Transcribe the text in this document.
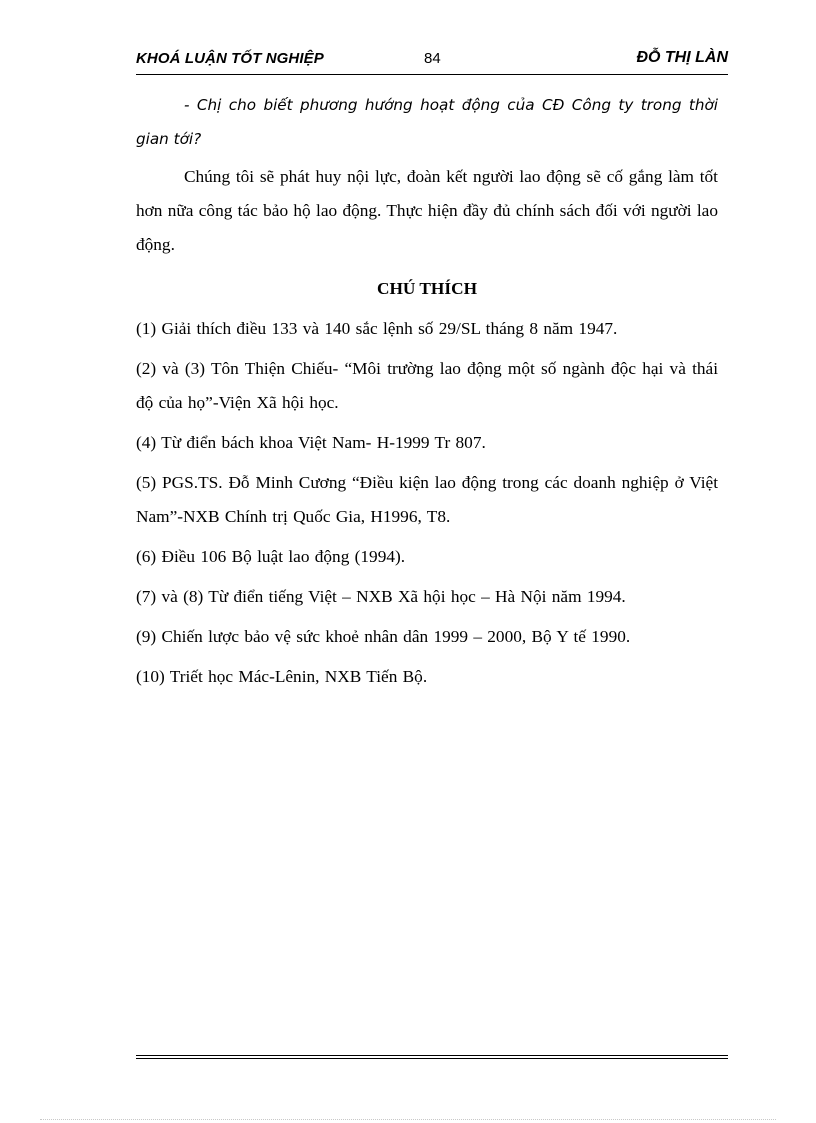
KHOÁ LUẬN TỐT NGHIỆP	84	ĐỖ THỊ LÀN

- Chị cho biết phương hướng hoạt động của CĐ Công ty trong thời gian tới?

Chúng tôi sẽ phát huy nội lực, đoàn kết người lao động sẽ cố gắng làm tốt hơn nữa công tác bảo hộ lao động. Thực hiện đầy đủ chính sách đối với người lao động.

CHÚ THÍCH

(1) Giải thích điều 133 và 140 sắc lệnh số 29/SL tháng 8 năm 1947.

(2) và (3) Tôn Thiện Chiếu- “Môi trường lao động một số ngành độc hại và thái độ của họ”-Viện Xã hội học.

(4) Từ điển bách khoa Việt Nam- H-1999 Tr 807.

(5) PGS.TS. Đỗ Minh Cương “Điều kiện lao động trong các doanh nghiệp ở Việt Nam”-NXB Chính trị Quốc Gia, H1996, T8.

(6) Điều 106 Bộ luật lao động (1994).

(7) và (8) Từ điển tiếng Việt – NXB Xã hội học – Hà Nội năm 1994.

(9) Chiến lược bảo vệ sức khoẻ nhân dân 1999 – 2000, Bộ Y tế 1990.

(10) Triết học Mác-Lênin, NXB Tiến Bộ.
